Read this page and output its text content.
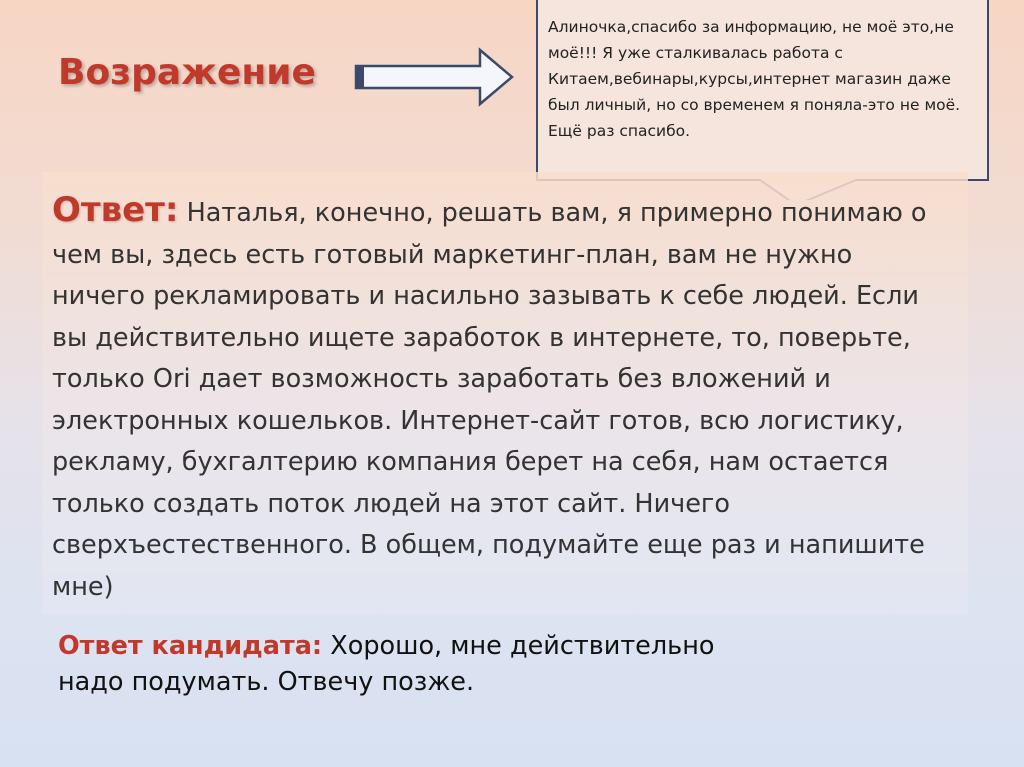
Возражение
Алиночка,спасибо за информацию, не моё это,не моё!!! Я уже сталкивалась работа с Китаем,вебинары,курсы,интернет магазин даже был личный, но со временем я поняла-это не моё. Ещё раз спасибо.
Ответ: Наталья, конечно, решать вам, я примерно понимаю о чем вы, здесь есть готовый маркетинг-план, вам не нужно ничего рекламировать и насильно зазывать к себе людей. Если вы действительно ищете заработок в интернете, то, поверьте, только Ori дает возможность заработать без вложений и электронных кошельков. Интернет-сайт готов, всю логистику, рекламу, бухгалтерию компания берет на себя, нам остается только создать поток людей на этот сайт. Ничего сверхъестественного. В общем, подумайте еще раз и напишите мне)
Ответ кандидата: Хорошо, мне действительно надо подумать. Отвечу позже.
